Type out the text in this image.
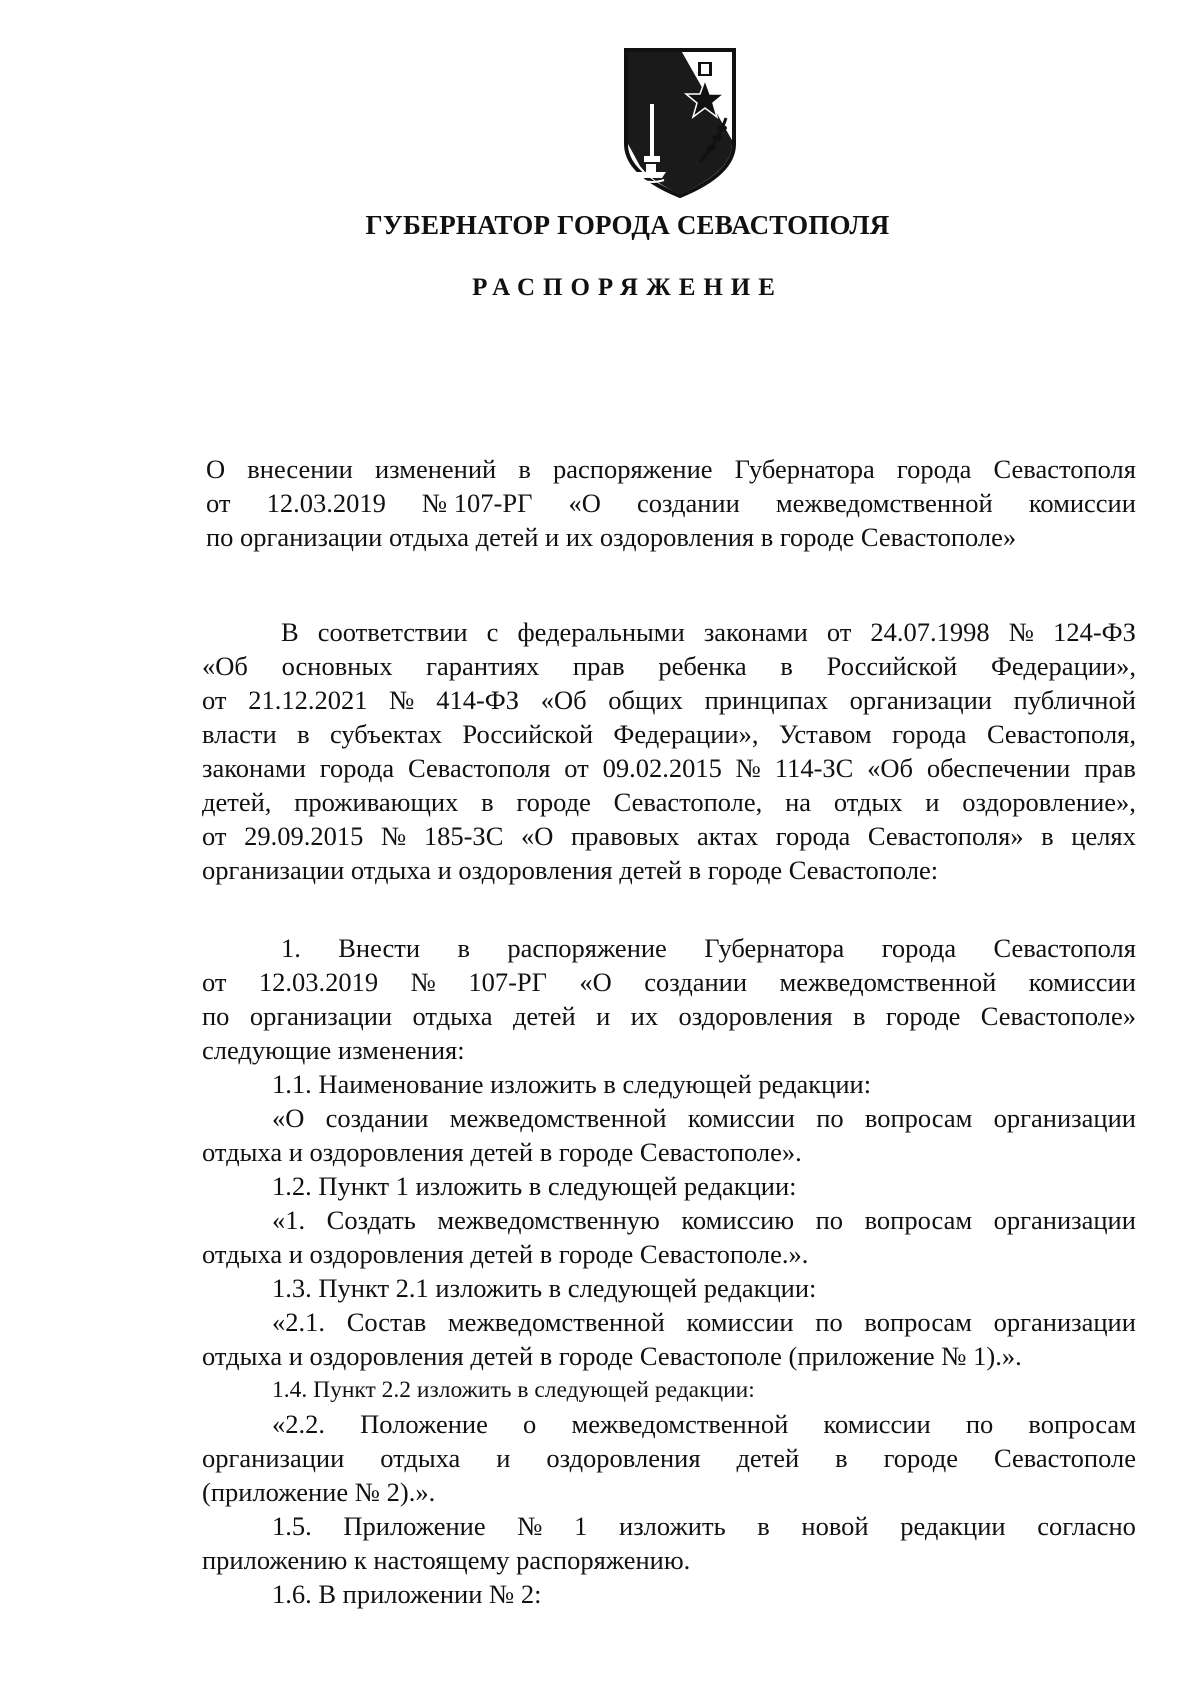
ГУБЕРНАТОР ГОРОДА СЕВАСТОПОЛЯ
РАСПОРЯЖЕНИЕ
О внесении изменений в распоряжение Губернатора города Севастополя
от 12.03.2019 № 107-РГ «О создании межведомственной комиссии
по организации отдыха детей и их оздоровления в городе Севастополе»
В соответствии с федеральными законами от 24.07.1998 № 124-ФЗ
«Об основных гарантиях прав ребенка в Российской Федерации»,
от 21.12.2021 № 414-ФЗ «Об общих принципах организации публичной
власти в субъектах Российской Федерации», Уставом города Севастополя,
законами города Севастополя от 09.02.2015 № 114-ЗС «Об обеспечении прав
детей, проживающих в городе Севастополе, на отдых и оздоровление»,
от 29.09.2015 № 185-ЗС «О правовых актах города Севастополя» в целях
организации отдыха и оздоровления детей в городе Севастополе:
1. Внести в распоряжение Губернатора города Севастополя
от 12.03.2019 № 107-РГ «О создании межведомственной комиссии
по организации отдыха детей и их оздоровления в городе Севастополе»
следующие изменения:
1.1. Наименование изложить в следующей редакции:
«О создании межведомственной комиссии по вопросам организации
отдыха и оздоровления детей в городе Севастополе».
1.2. Пункт 1 изложить в следующей редакции:
«1. Создать межведомственную комиссию по вопросам организации
отдыха и оздоровления детей в городе Севастополе.».
1.3. Пункт 2.1 изложить в следующей редакции:
«2.1. Состав межведомственной комиссии по вопросам организации
отдыха и оздоровления детей в городе Севастополе (приложение № 1).».
1.4. Пункт 2.2 изложить в следующей редакции:
«2.2. Положение о межведомственной комиссии по вопросам
организации отдыха и оздоровления детей в городе Севастополе
(приложение № 2).».
1.5. Приложение № 1 изложить в новой редакции согласно
приложению к настоящему распоряжению.
1.6. В приложении № 2:
